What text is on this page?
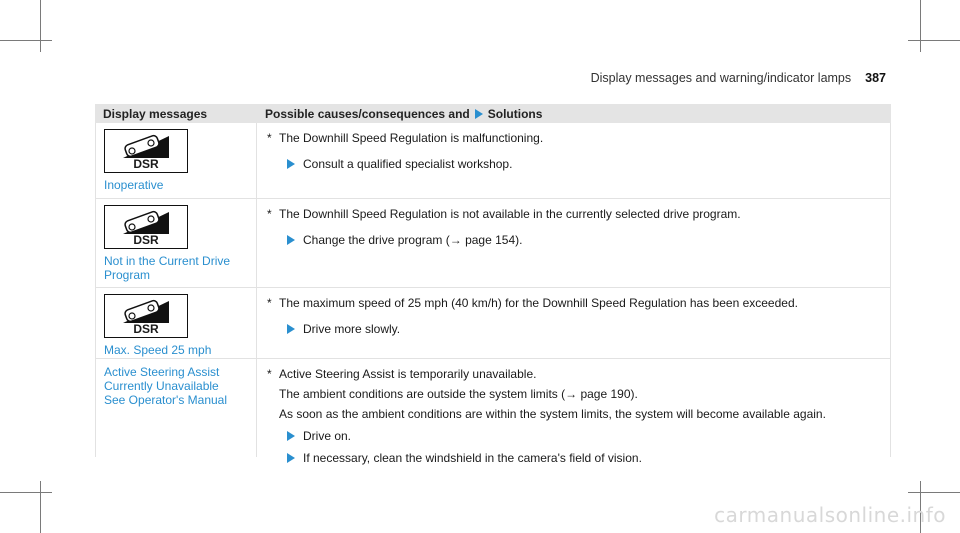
Display messages and warning/indicator lamps 387
Display messages	Possible causes/consequences and Solutions
DSR
Inoperative
* The Downhill Speed Regulation is malfunctioning.
Consult a qualified specialist workshop.
DSR
Not in the Current Drive Program
* The Downhill Speed Regulation is not available in the currently selected drive program.
Change the drive program (→ page 154).
DSR
Max. Speed 25 mph
* The maximum speed of 25 mph (40 km/h) for the Downhill Speed Regulation has been exceeded.
Drive more slowly.
Active Steering Assist Currently Unavailable See Operator's Manual
* Active Steering Assist is temporarily unavailable.
The ambient conditions are outside the system limits (→ page 190).
As soon as the ambient conditions are within the system limits, the system will become available again.
Drive on.
If necessary, clean the windshield in the camera's field of vision.
carmanualsonline.info
